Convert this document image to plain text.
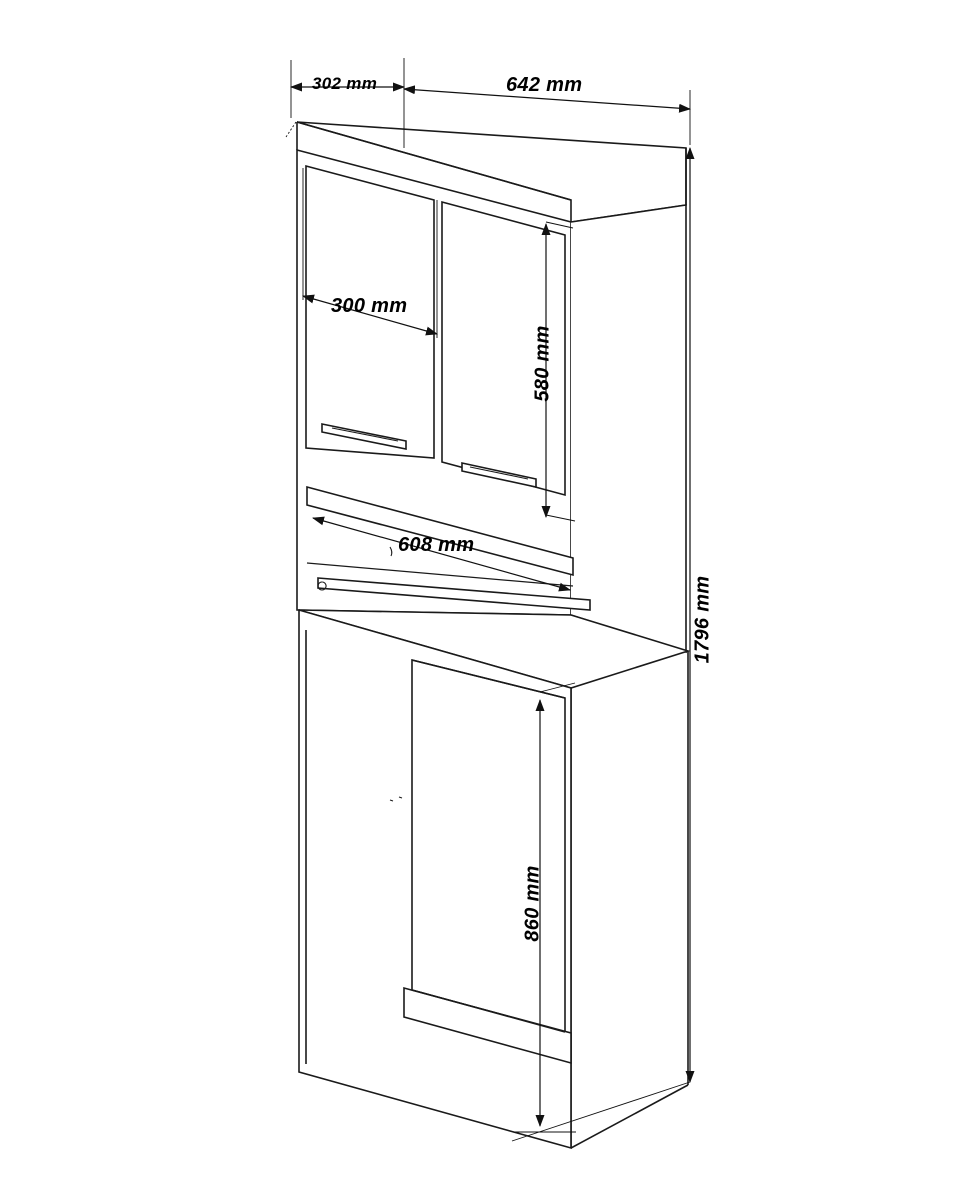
302 mm	642 mm
300 mm
580 mm
608 mm
1796 mm
860 mm
